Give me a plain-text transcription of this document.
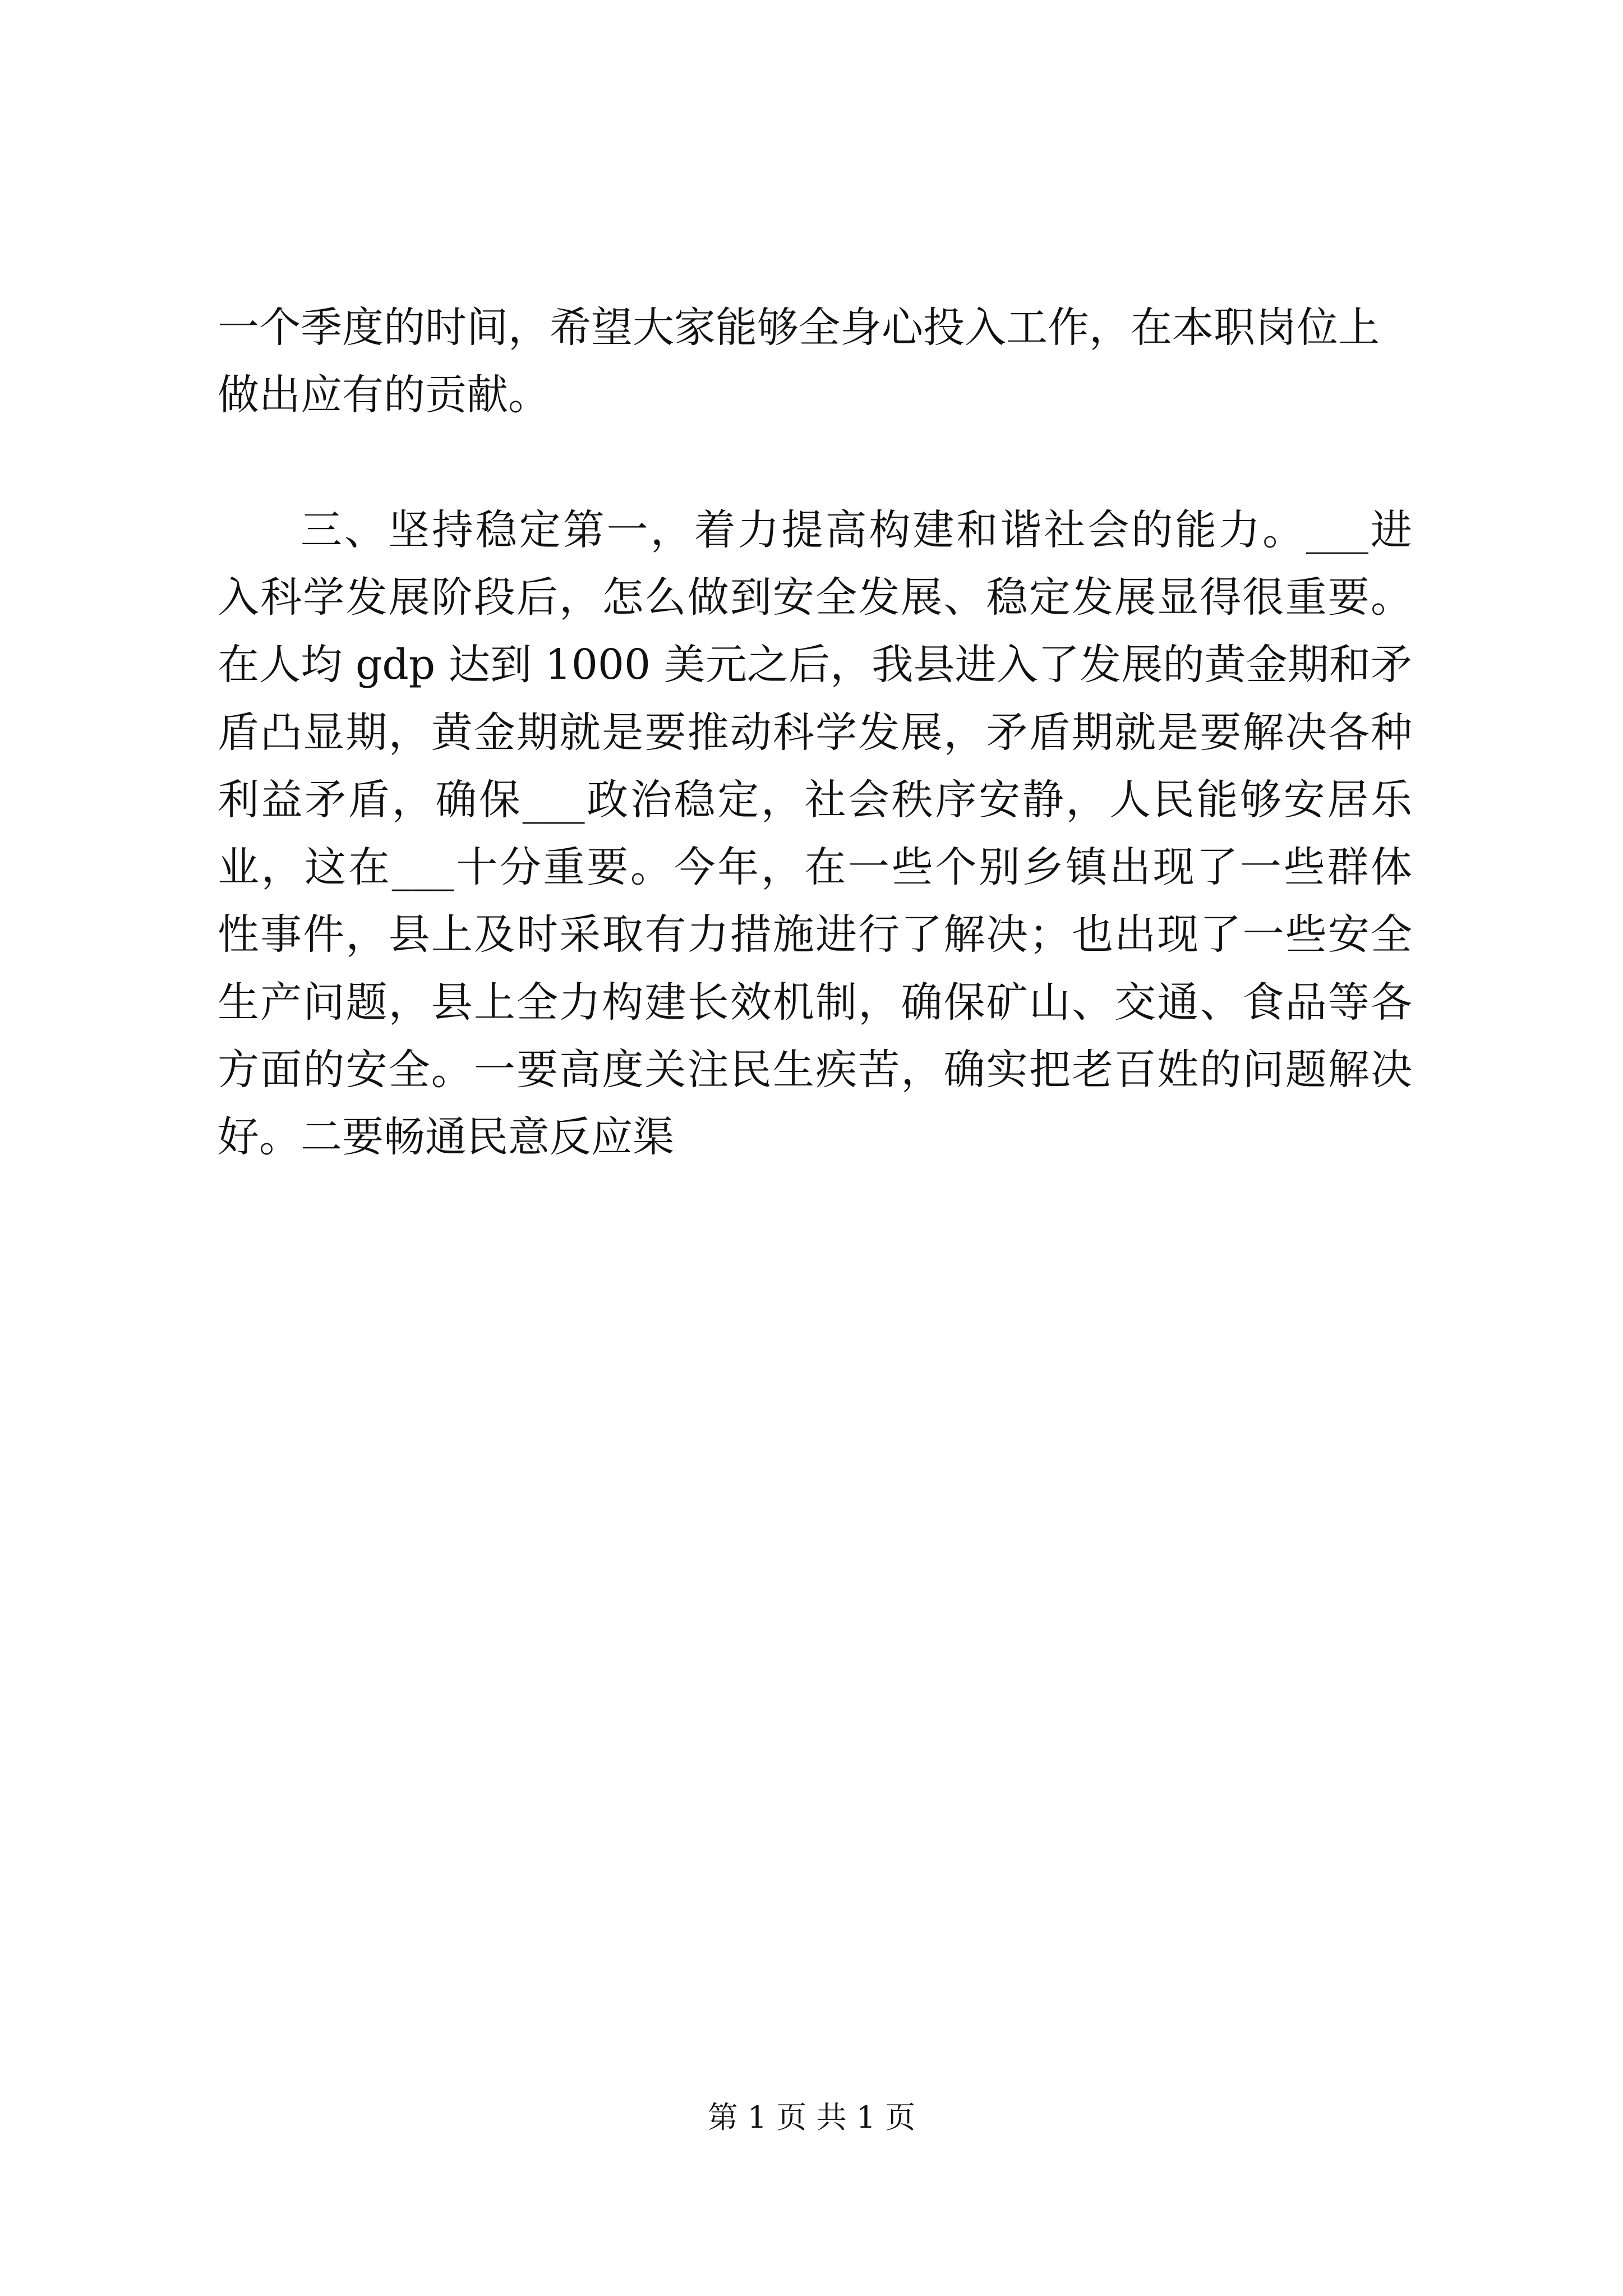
一个季度的时间，希望大家能够全身心投入工作，在本职岗位上

做出应有的贡献。

三、坚持稳定第一，着力提高构建和谐社会的能力。___进

入科学发展阶段后，怎么做到安全发展、稳定发展显得很重要。

在人均 gdp 达到 1000 美元之后，我县进入了发展的黄金期和矛

盾凸显期，黄金期就是要推动科学发展，矛盾期就是要解决各种

利益矛盾，确保___政治稳定，社会秩序安静，人民能够安居乐

业，这在___十分重要。今年，在一些个别乡镇出现了一些群体

性事件，县上及时采取有力措施进行了解决；也出现了一些安全

生产问题，县上全力构建长效机制，确保矿山、交通、食品等各

方面的安全。一要高度关注民生疾苦，确实把老百姓的问题解决

好。二要畅通民意反应渠

第 1 页 共 1 页
